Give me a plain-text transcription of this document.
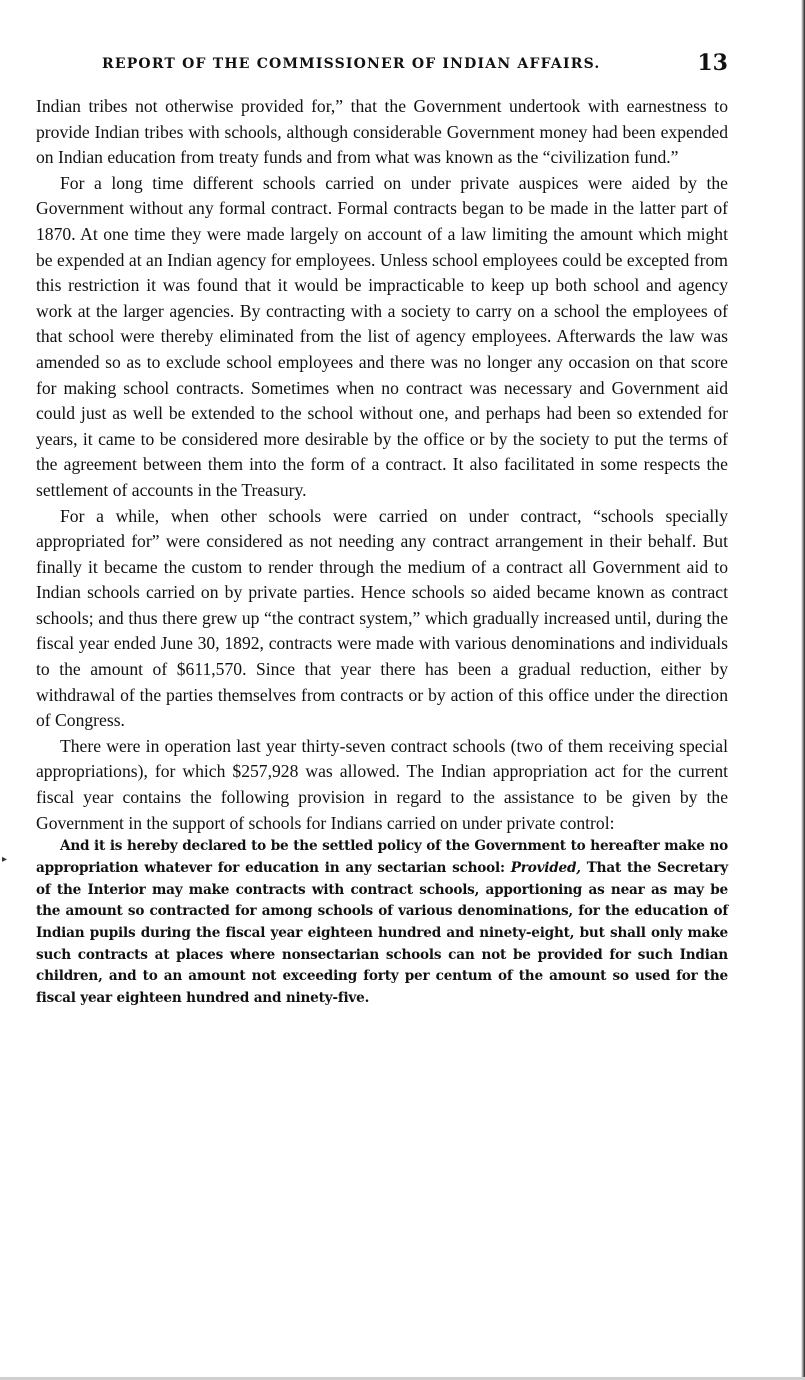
REPORT OF THE COMMISSIONER OF INDIAN AFFAIRS.	13

Indian tribes not otherwise provided for,” that the Government undertook with earnestness to provide Indian tribes with schools, although considerable Government money had been expended on Indian education from treaty funds and from what was known as the “civilization fund.”

For a long time different schools carried on under private auspices were aided by the Government without any formal contract. Formal contracts began to be made in the latter part of 1870. At one time they were made largely on account of a law limiting the amount which might be expended at an Indian agency for employees. Unless school employees could be excepted from this restriction it was found that it would be impracticable to keep up both school and agency work at the larger agencies. By contracting with a society to carry on a school the employees of that school were thereby eliminated from the list of agency employees. Afterwards the law was amended so as to exclude school employees and there was no longer any occasion on that score for making school contracts. Sometimes when no contract was necessary and Government aid could just as well be extended to the school without one, and perhaps had been so extended for years, it came to be considered more desirable by the office or by the society to put the terms of the agreement between them into the form of a contract. It also facilitated in some respects the settlement of accounts in the Treasury.

For a while, when other schools were carried on under contract, “schools specially appropriated for” were considered as not needing any contract arrangement in their behalf. But finally it became the custom to render through the medium of a contract all Government aid to Indian schools carried on by private parties. Hence schools so aided became known as contract schools; and thus there grew up “the contract system,” which gradually increased until, during the fiscal year ended June 30, 1892, contracts were made with various denominations and individuals to the amount of $611,570. Since that year there has been a gradual reduction, either by withdrawal of the parties themselves from contracts or by action of this office under the direction of Congress.

There were in operation last year thirty-seven contract schools (two of them receiving special appropriations), for which $257,928 was allowed. The Indian appropriation act for the current fiscal year contains the following provision in regard to the assistance to be given by the Government in the support of schools for Indians carried on under private control:

And it is hereby declared to be the settled policy of the Government to hereafter make no appropriation whatever for education in any sectarian school: Provided, That the Secretary of the Interior may make contracts with contract schools, apportioning as near as may be the amount so contracted for among schools of various denominations, for the education of Indian pupils during the fiscal year eighteen hundred and ninety-eight, but shall only make such contracts at places where nonsectarian schools can not be provided for such Indian children, and to an amount not exceeding forty per centum of the amount so used for the fiscal year eighteen hundred and ninety-five.

▸
